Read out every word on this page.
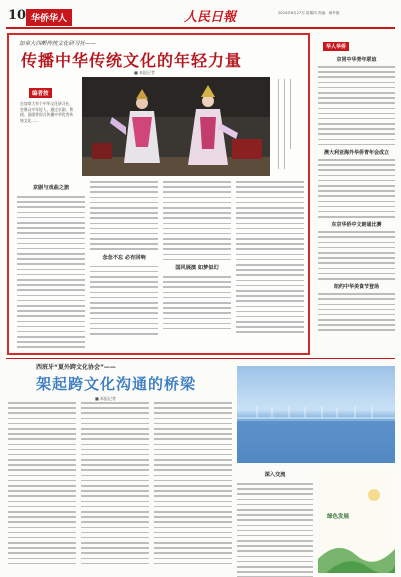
10 华侨华人	人民日報	2024年6月27日 星期四 责编：海外版
加拿大四嘢传统文化研习社——
传播中华传统文化的年轻力量
■ 本报记者
编者按
在加拿大有个中华文化研习社，会聚众多年轻人，通过京剧、粤剧、国画等形式传播中华优秀传统文化……
京剧与戏曲之旅
念念不忘 必有回响
国风展演 如梦似幻
华人华侨
京同中华青年联谊
澳大利亚海外华侨青年会成立
东京华侨中文朗诵比赛
纽约中华美食节登场
西班牙“夏外跨文化协会”——
架起跨文化沟通的桥梁
■ 本报记者
深入交流
绿色发展
